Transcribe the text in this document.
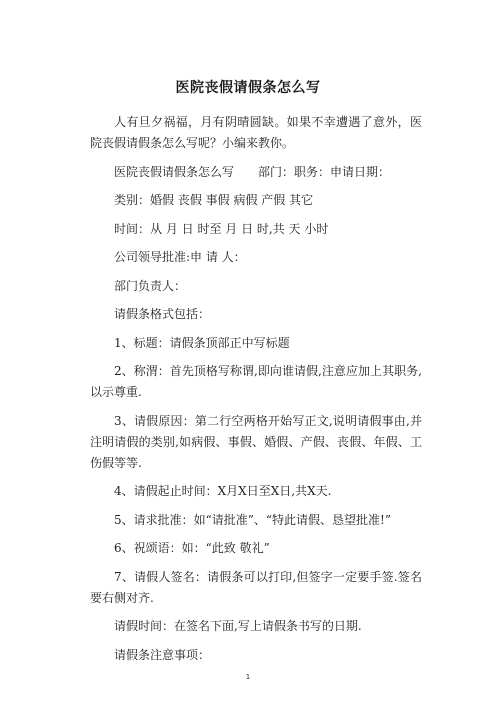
医院丧假请假条怎么写

人有旦夕祸福，月有阴晴圆缺。如果不幸遭遇了意外，医院丧假请假条怎么写呢？小编来教你。

医院丧假请假条怎么写　　部门：职务：申请日期：

类别：婚假 丧假 事假 病假 产假 其它

时间：从 月 日 时至 月 日 时,共 天 小时

公司领导批准:申 请 人：

部门负责人：

请假条格式包括：

1、标题：请假条顶部正中写标题

2、称渭：首先顶格写称谓,即向谁请假,注意应加上其职务,以示尊重.

3、请假原因：第二行空两格开始写正文,说明请假事由,并注明请假的类别,如病假、事假、婚假、产假、丧假、年假、工伤假等等.

4、请假起止时间：X月X日至X日,共X天.

5、请求批准：如“请批准”、“特此请假、恳望批准!”

6、祝颂语：如：“此致 敬礼”

7、请假人签名：请假条可以打印,但签字一定要手签.签名要右侧对齐.

请假时间：在签名下面,写上请假条书写的日期.

请假条注意事项：

1
